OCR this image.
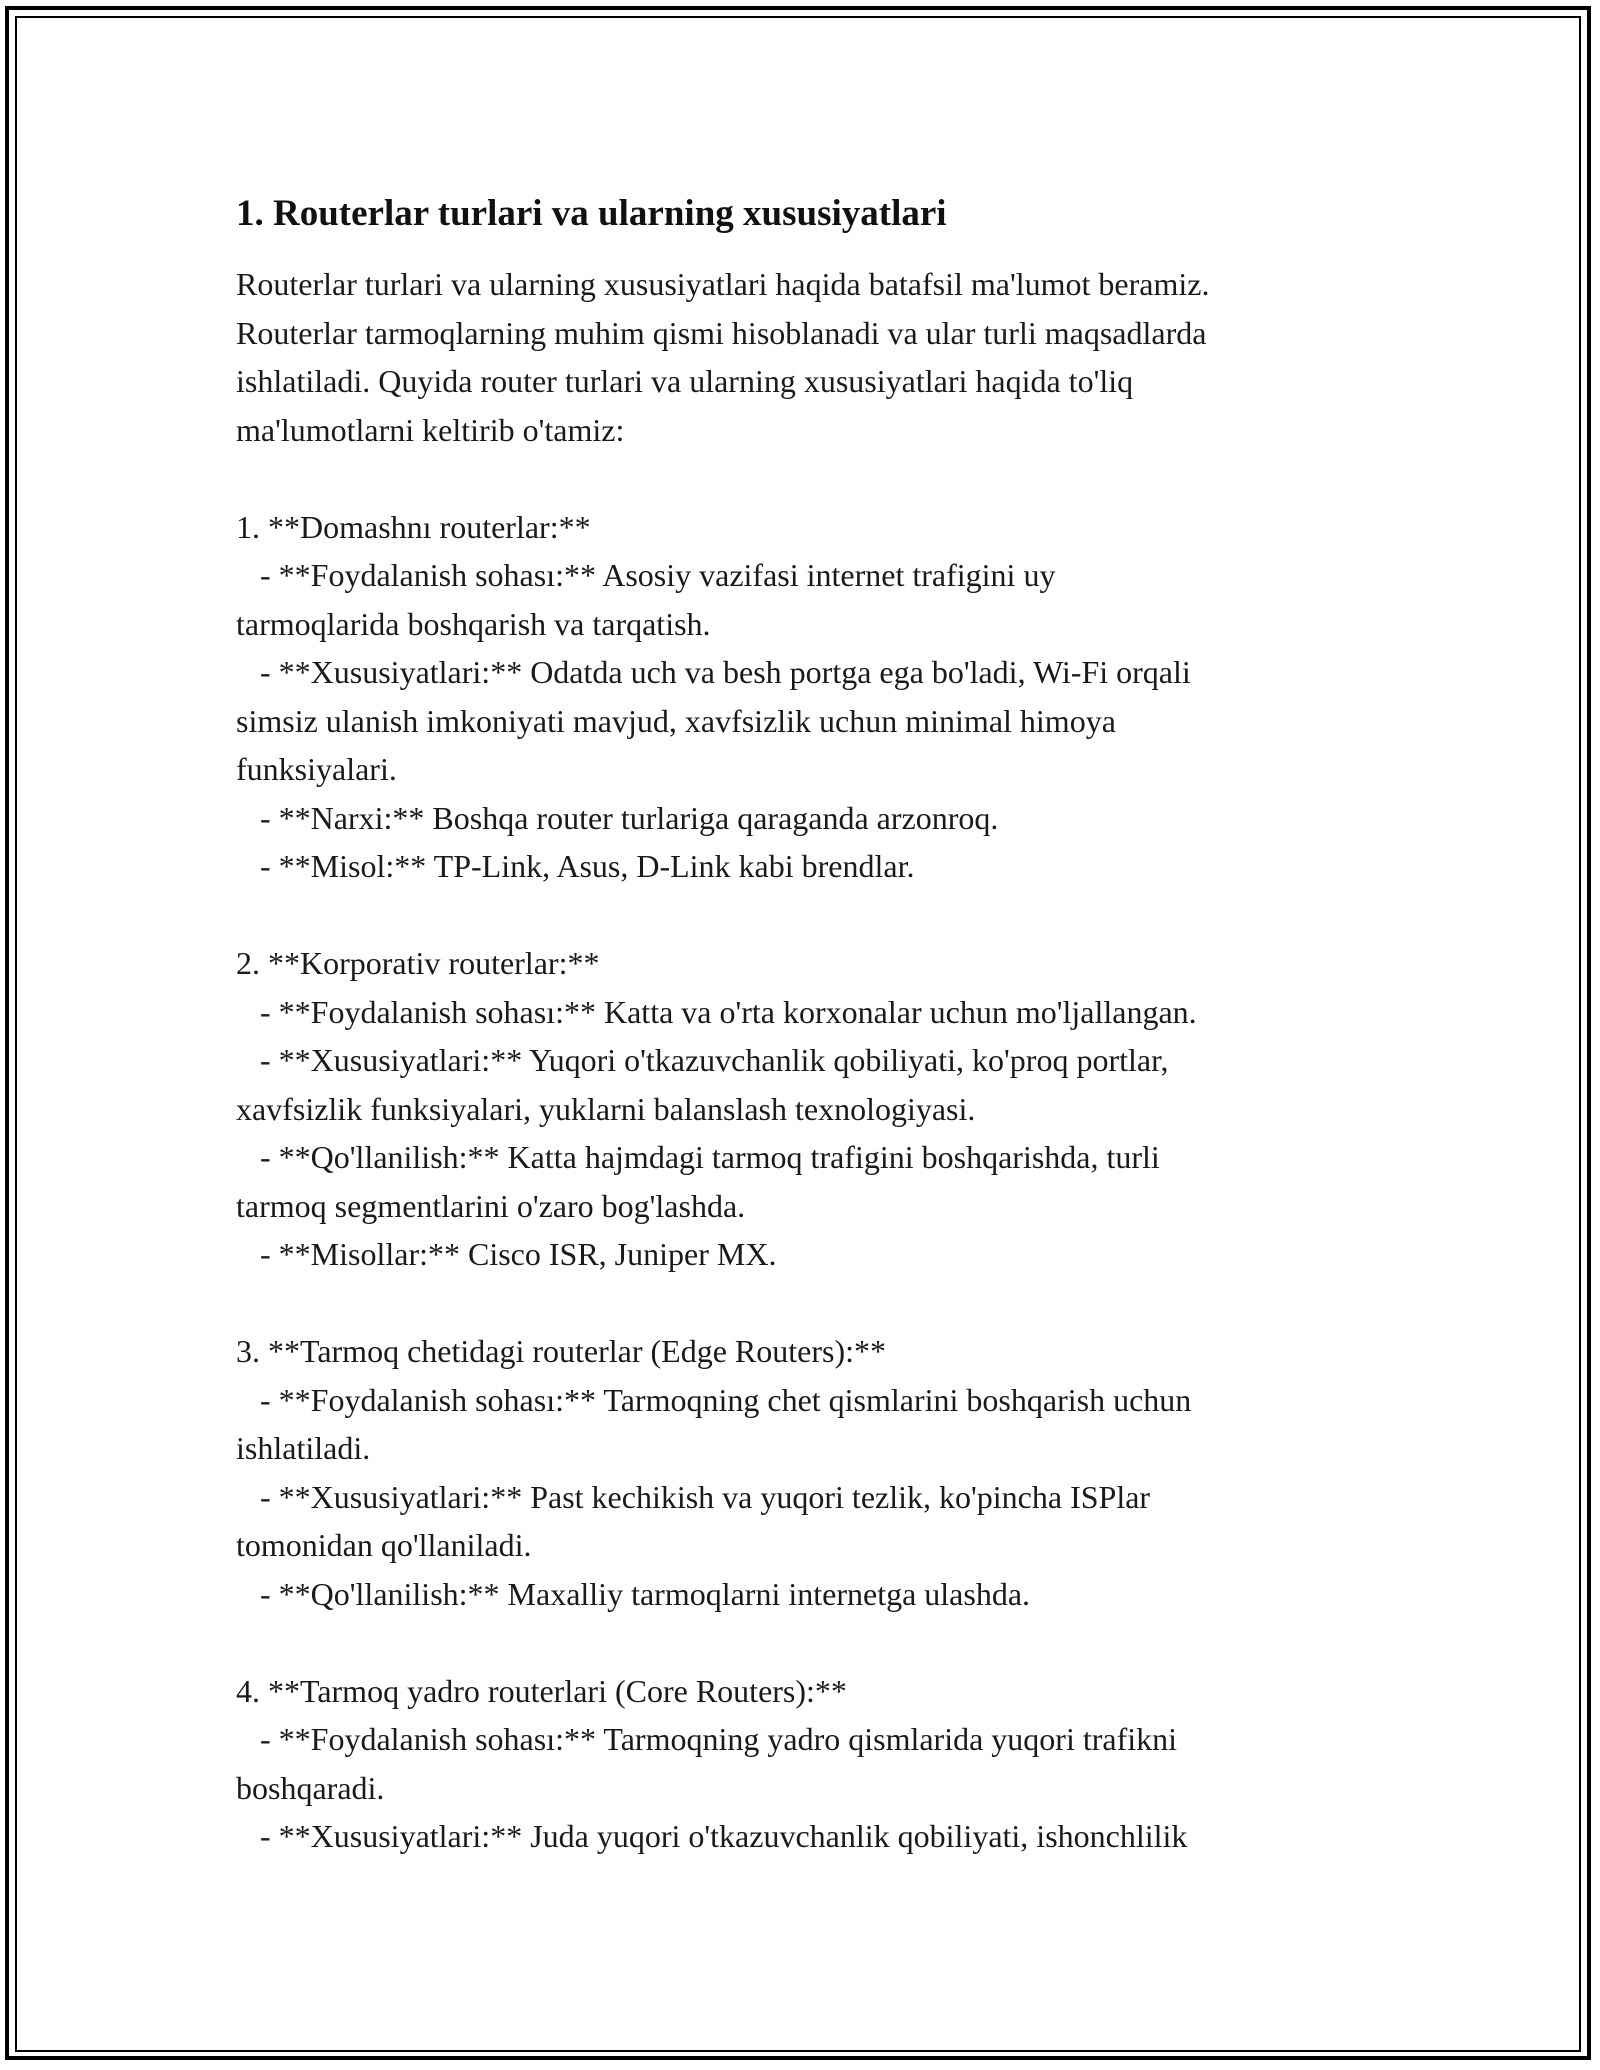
1. Routerlar turlari va ularning xususiyatlari
Routerlar turlari va ularning xususiyatlari haqida batafsil ma'lumot beramiz.
Routerlar tarmoqlarning muhim qismi hisoblanadi va ular turli maqsadlarda
ishlatiladi. Quyida router turlari va ularning xususiyatlari haqida to'liq
ma'lumotlarni keltirib o'tamiz:

1. **Domashnı routerlar:**
- **Foydalanish sohası:** Asosiy vazifasi internet trafigini uy
tarmoqlarida boshqarish va tarqatish.
- **Xususiyatlari:** Odatda uch va besh portga ega bo'ladi, Wi-Fi orqali
simsiz ulanish imkoniyati mavjud, xavfsizlik uchun minimal himoya
funksiyalari.
- **Narxi:** Boshqa router turlariga qaraganda arzonroq.
- **Misol:** TP-Link, Asus, D-Link kabi brendlar.

2. **Korporativ routerlar:**
- **Foydalanish sohası:** Katta va o'rta korxonalar uchun mo'ljallangan.
- **Xususiyatlari:** Yuqori o'tkazuvchanlik qobiliyati, ko'proq portlar,
xavfsizlik funksiyalari, yuklarni balanslash texnologiyasi.
- **Qo'llanilish:** Katta hajmdagi tarmoq trafigini boshqarishda, turli
tarmoq segmentlarini o'zaro bog'lashda.
- **Misollar:** Cisco ISR, Juniper MX.

3. **Tarmoq chetidagi routerlar (Edge Routers):**
- **Foydalanish sohası:** Tarmoqning chet qismlarini boshqarish uchun
ishlatiladi.
- **Xususiyatlari:** Past kechikish va yuqori tezlik, ko'pincha ISPlar
tomonidan qo'llaniladi.
- **Qo'llanilish:** Maxalliy tarmoqlarni internetga ulashda.

4. **Tarmoq yadro routerlari (Core Routers):**
- **Foydalanish sohası:** Tarmoqning yadro qismlarida yuqori trafikni
boshqaradi.
- **Xususiyatlari:** Juda yuqori o'tkazuvchanlik qobiliyati, ishonchlilik
